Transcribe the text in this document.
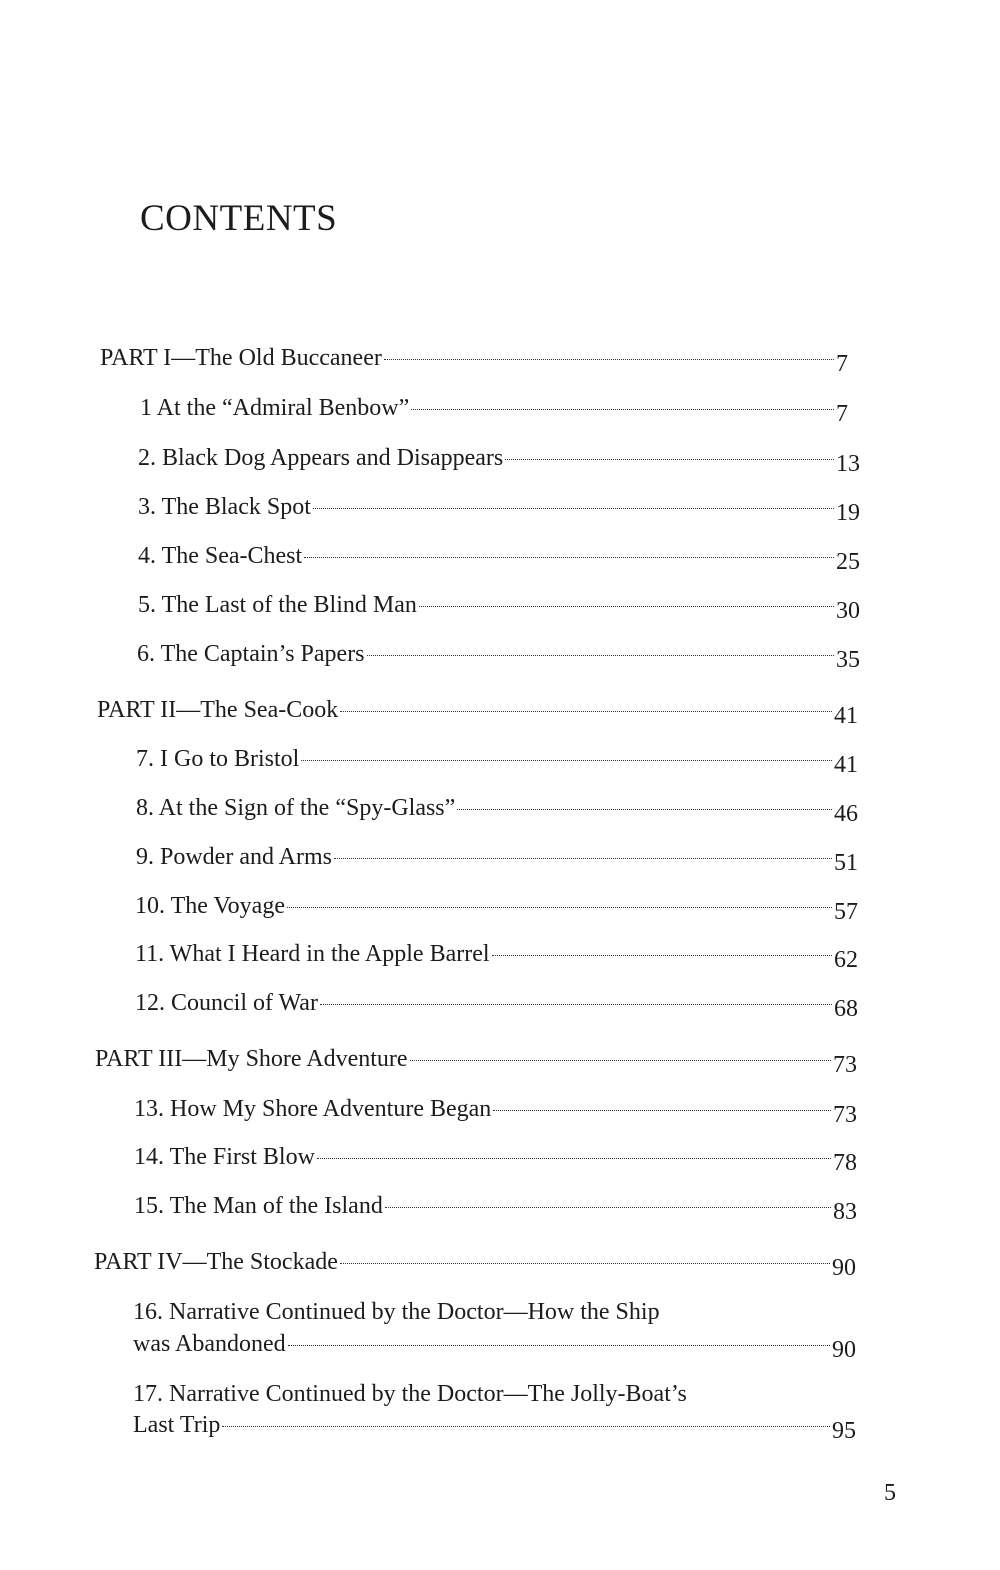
CONTENTS
PART I—The Old Buccaneer	7
1 At the “Admiral Benbow”	7
2. Black Dog Appears and Disappears	13
3. The Black Spot	19
4. The Sea-Chest	25
5. The Last of the Blind Man	30
6. The Captain’s Papers	35
PART II—The Sea-Cook	41
7. I Go to Bristol	41
8. At the Sign of the “Spy-Glass”	46
9. Powder and Arms	51
10. The Voyage	57
11. What I Heard in the Apple Barrel	62
12. Council of War	68
PART III—My Shore Adventure	73
13. How My Shore Adventure Began	73
14. The First Blow	78
15. The Man of the Island	83
PART IV—The Stockade	90
16. Narrative Continued by the Doctor—How the Ship
was Abandoned	90
17. Narrative Continued by the Doctor—The Jolly-Boat’s
Last Trip	95
5
